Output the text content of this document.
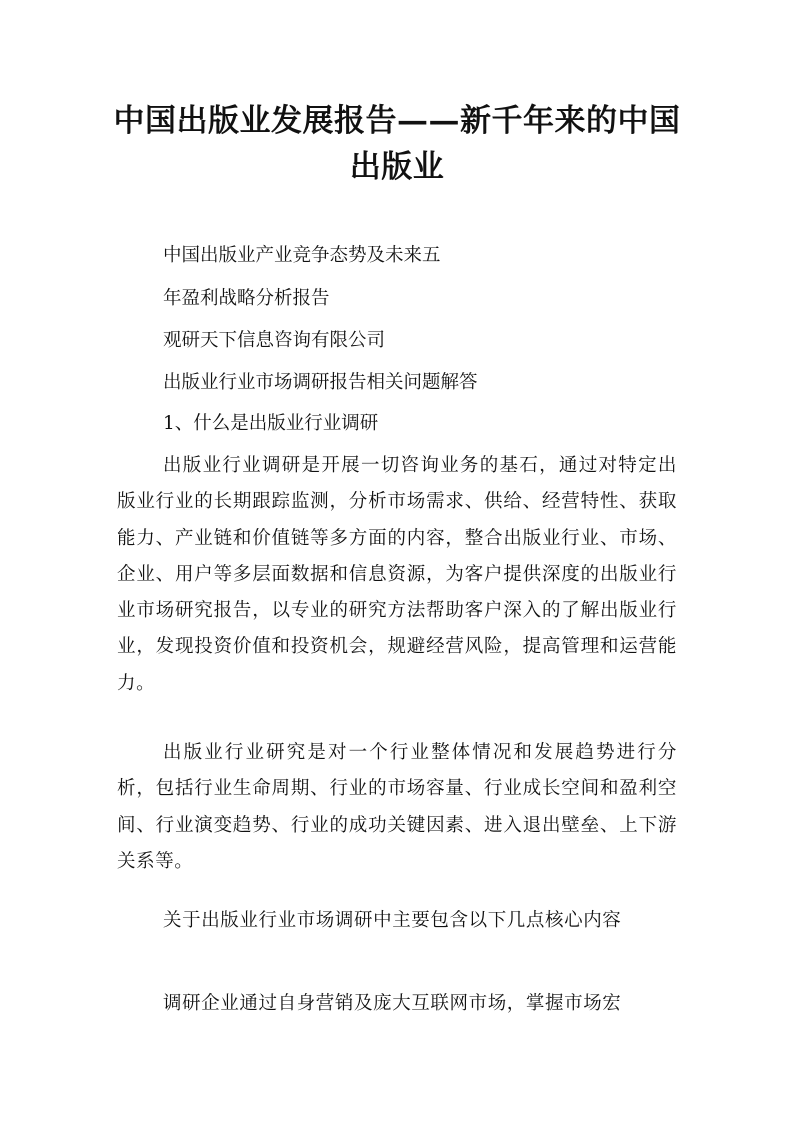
中国出版业发展报告——新千年来的中国出版业

中国出版业产业竞争态势及未来五

年盈利战略分析报告

观研天下信息咨询有限公司

出版业行业市场调研报告相关问题解答

1、什么是出版业行业调研

出版业行业调研是开展一切咨询业务的基石，通过对特定出版业行业的长期跟踪监测，分析市场需求、供给、经营特性、获取能力、产业链和价值链等多方面的内容，整合出版业行业、市场、企业、用户等多层面数据和信息资源，为客户提供深度的出版业行业市场研究报告，以专业的研究方法帮助客户深入的了解出版业行业，发现投资价值和投资机会，规避经营风险，提高管理和运营能力。

出版业行业研究是对一个行业整体情况和发展趋势进行分析，包括行业生命周期、行业的市场容量、行业成长空间和盈利空间、行业演变趋势、行业的成功关键因素、进入退出壁垒、上下游关系等。

关于出版业行业市场调研中主要包含以下几点核心内容

调研企业通过自身营销及庞大互联网市场，掌握市场宏
